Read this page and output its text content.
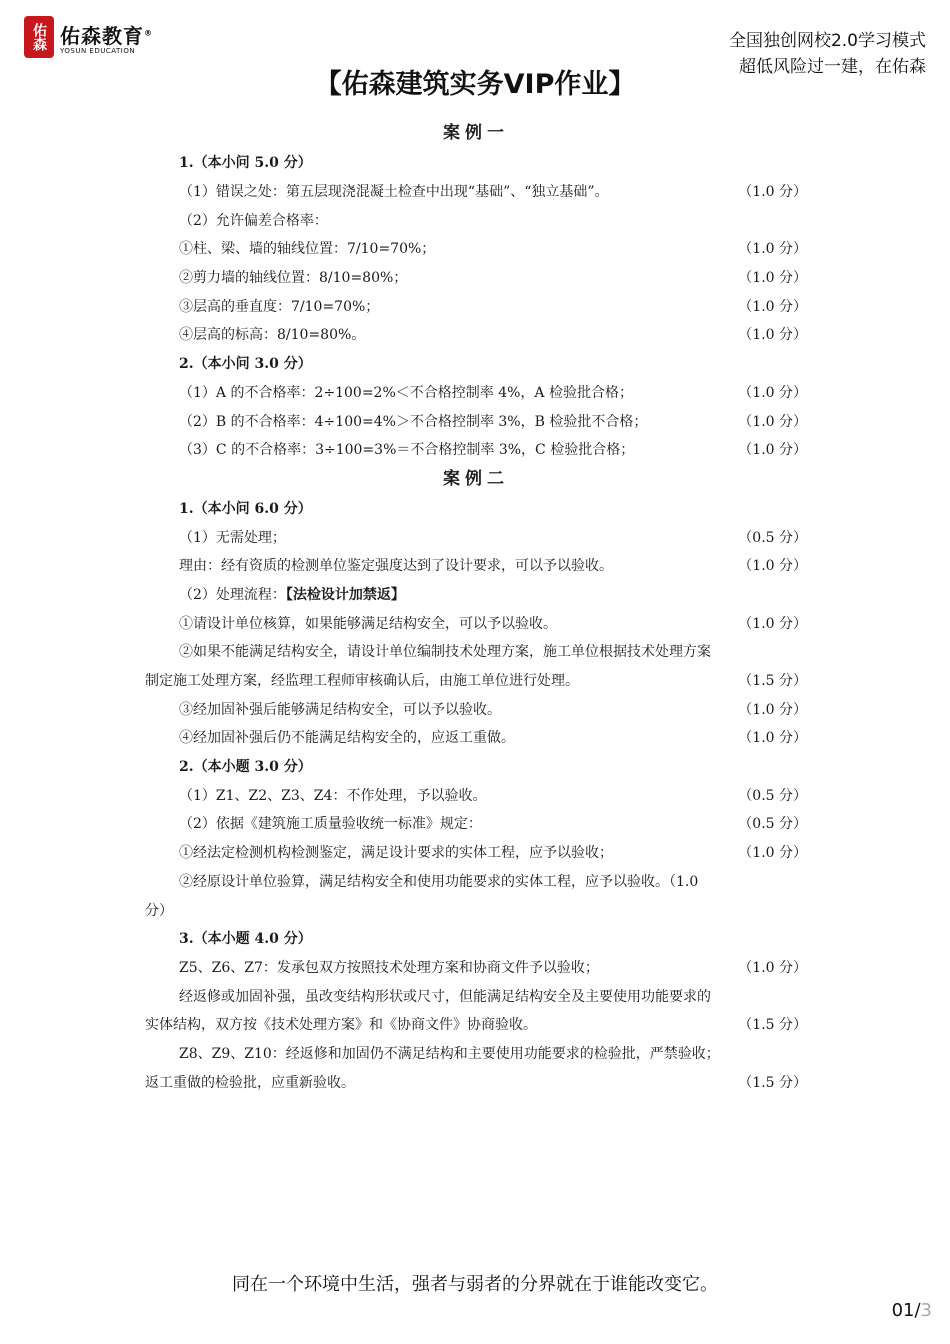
佑森 佑森教育®
YOSUN EDUCATION	全国独创网校2.0学习模式
超低风险过一建，在佑森
【佑森建筑实务VIP作业】
案例一
1.（本小问 5.0 分）
（1）错误之处：第五层现浇混凝土检查中出现“基础”、“独立基础”。	（1.0 分）
（2）允许偏差合格率：
①柱、梁、墙的轴线位置：7/10=70%；	（1.0 分）
②剪力墙的轴线位置：8/10=80%；	（1.0 分）
③层高的垂直度：7/10=70%；	（1.0 分）
④层高的标高：8/10=80%。	（1.0 分）
2.（本小问 3.0 分）
（1）A 的不合格率：2÷100=2%＜不合格控制率 4%，A 检验批合格；	（1.0 分）
（2）B 的不合格率：4÷100=4%＞不合格控制率 3%，B 检验批不合格；	（1.0 分）
（3）C 的不合格率：3÷100=3%＝不合格控制率 3%，C 检验批合格；	（1.0 分）
案例二
1.（本小问 6.0 分）
（1）无需处理；	（0.5 分）
理由：经有资质的检测单位鉴定强度达到了设计要求，可以予以验收。	（1.0 分）
（2）处理流程：【法检设计加禁返】
①请设计单位核算，如果能够满足结构安全，可以予以验收。	（1.0 分）
②如果不能满足结构安全，请设计单位编制技术处理方案，施工单位根据技术处理方案
制定施工处理方案，经监理工程师审核确认后，由施工单位进行处理。	（1.5 分）
③经加固补强后能够满足结构安全，可以予以验收。	（1.0 分）
④经加固补强后仍不能满足结构安全的，应返工重做。	（1.0 分）
2.（本小题 3.0 分）
（1）Z1、Z2、Z3、Z4：不作处理，予以验收。	（0.5 分）
（2）依据《建筑施工质量验收统一标准》规定：	（0.5 分）
①经法定检测机构检测鉴定，满足设计要求的实体工程，应予以验收；	（1.0 分）
②经原设计单位验算，满足结构安全和使用功能要求的实体工程，应予以验收。（1.0
分）
3.（本小题 4.0 分）
Z5、Z6、Z7：发承包双方按照技术处理方案和协商文件予以验收；	（1.0 分）
经返修或加固补强，虽改变结构形状或尺寸，但能满足结构安全及主要使用功能要求的
实体结构，双方按《技术处理方案》和《协商文件》协商验收。	（1.5 分）
Z8、Z9、Z10：经返修和加固仍不满足结构和主要使用功能要求的检验批，严禁验收；
返工重做的检验批，应重新验收。	（1.5 分）
同在一个环境中生活，强者与弱者的分界就在于谁能改变它。
01/3
